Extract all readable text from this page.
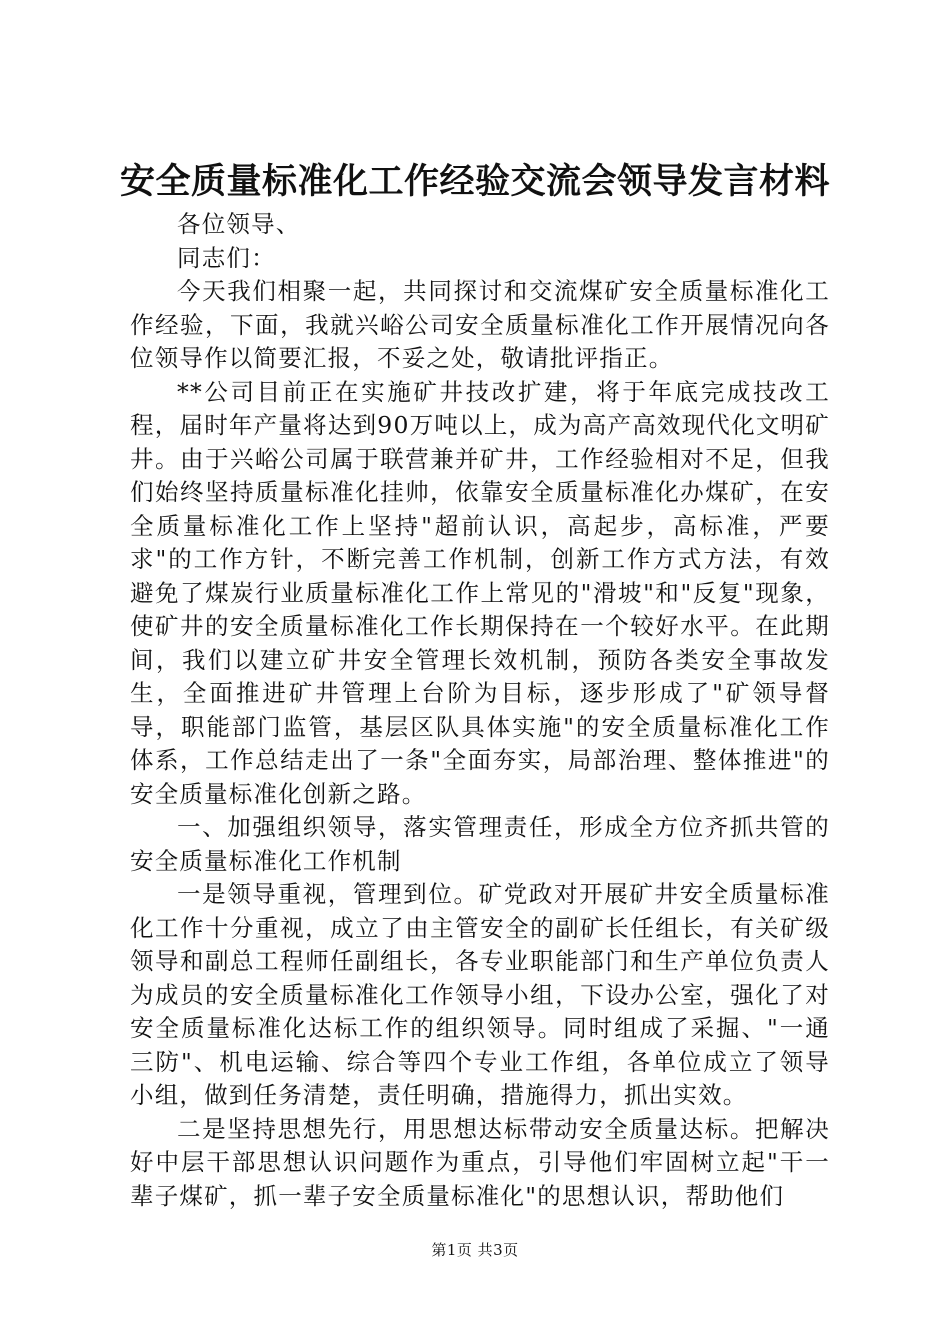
安全质量标准化工作经验交流会领导发言材料

各位领导、

同志们：

今天我们相聚一起，共同探讨和交流煤矿安全质量标准化工作经验，下面，我就兴峪公司安全质量标准化工作开展情况向各位领导作以简要汇报，不妥之处，敬请批评指正。

**公司目前正在实施矿井技改扩建，将于年底完成技改工程，届时年产量将达到90万吨以上，成为高产高效现代化文明矿井。由于兴峪公司属于联营兼并矿井，工作经验相对不足，但我们始终坚持质量标准化挂帅，依靠安全质量标准化办煤矿，在安全质量标准化工作上坚持"超前认识，高起步，高标准，严要求"的工作方针，不断完善工作机制，创新工作方式方法，有效避免了煤炭行业质量标准化工作上常见的"滑坡"和"反复"现象，使矿井的安全质量标准化工作长期保持在一个较好水平。在此期间，我们以建立矿井安全管理长效机制，预防各类安全事故发生，全面推进矿井管理上台阶为目标，逐步形成了"矿领导督导，职能部门监管，基层区队具体实施"的安全质量标准化工作体系，工作总结走出了一条"全面夯实，局部治理、整体推进"的安全质量标准化创新之路。

一、加强组织领导，落实管理责任，形成全方位齐抓共管的安全质量标准化工作机制

一是领导重视，管理到位。矿党政对开展矿井安全质量标准化工作十分重视，成立了由主管安全的副矿长任组长，有关矿级领导和副总工程师任副组长，各专业职能部门和生产单位负责人为成员的安全质量标准化工作领导小组，下设办公室，强化了对安全质量标准化达标工作的组织领导。同时组成了采掘、"一通三防"、机电运输、综合等四个专业工作组，各单位成立了领导小组，做到任务清楚，责任明确，措施得力，抓出实效。

二是坚持思想先行，用思想达标带动安全质量达标。把解决好中层干部思想认识问题作为重点，引导他们牢固树立起"干一辈子煤矿，抓一辈子安全质量标准化"的思想认识，帮助他们

第1页 共3页
